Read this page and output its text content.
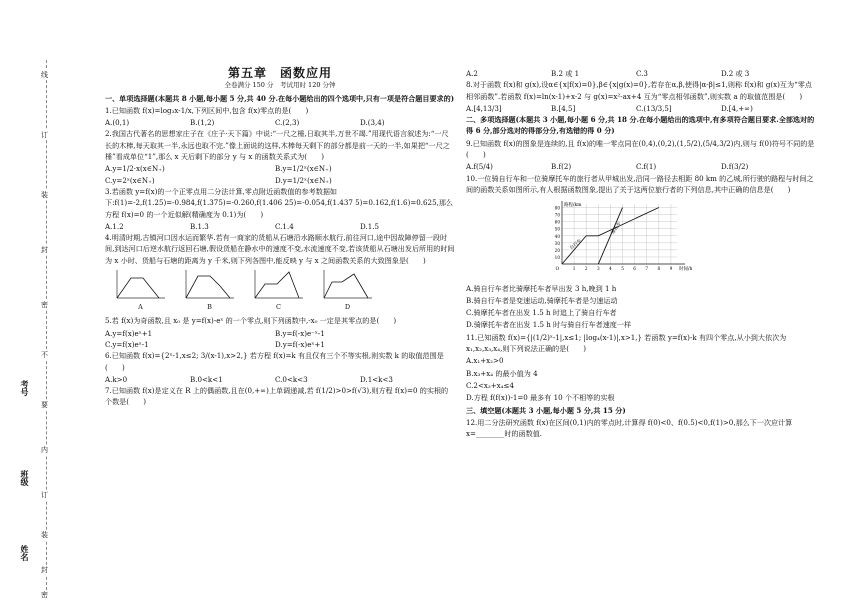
线
订
装
封
密
不
要
内
订
装
封
密
考号
班级
姓名

第五章　函数应用

全卷满分 150 分　考试用时 120 分钟

一、单项选择题(本题共 8 小题,每小题 5 分,共 40 分.在每小题给出的四个选项中,只有一项是符合题目要求的)

1.已知函数 f(x)=log₃x-1/x,下列区间中,包含 f(x)零点的是(　　)

A.(0,1)	B.(1,2)	C.(2,3)	D.(3,4)

2.我国古代著名的思想家庄子在《庄子·天下篇》中说:“一尺之棰,日取其半,万世不竭.”用现代语言叙述为:“一尺长的木棒,每天取其一半,永远也取不完.”像上面说的这样,木棒每天剩下的部分都是前一天的一半,如果把“一尺之棰”看成单位“1”,那么 x 天后剩下的部分 y 与 x 的函数关系式为(　　)

A.y=1/2·x(x∈N₊)	B.y=1/2ˣ(x∈N₊)
C.y=2ˣ(x∈N₊)	D.y=1/2ˣ(x∈N₊)

3.若函数 y=f(x)的一个正零点用二分法计算,零点附近函数值的参考数据如下:f(1)=-2,f(1.25)=-0.984,f(1.375)=-0.260,f(1.406 25)=-0.054,f(1.437 5)=0.162,f(1.6)=0.625,那么方程 f(x)=0 的一个近似解(精确度为 0.1)为(　　)

A.1.2	B.1.3	C.1.4	D.1.5

4.明清时期,古镇河口因水运而繁华.若有一商家的货船从石塘沿水路顺水航行,前往河口,途中因故障停留一段时间,到达河口后逆水航行返回石塘,假设货船在静水中的速度不变,水流速度不变,若该货船从石塘出发后所用的时间为 x 小时、货船与石塘的距离为 y 千米,则下列各图中,能反映 y 与 x 之间函数关系的大致图象是(　　)

A	B	C	D

5.若 f(x)为奇函数,且 x₀ 是 y=f(x)-eˣ 的一个零点,则下列函数中,-x₀ 一定是其零点的是(　　)

A.y=f(x)eˣ+1	B.y=f(-x)e⁻ˣ-1
C.y=f(x)eˣ-1	D.y=f(-x)eˣ+1

6.已知函数 f(x)={2ˣ-1,x≤2; 3/(x-1),x>2,} 若方程 f(x)=k 有且仅有三个不等实根,则实数 k 的取值范围是(　　)

A.k>0	B.0<k<1	C.0<k<3	D.1<k<3

7.已知函数 f(x)是定义在 R 上的偶函数,且在(0,+∞)上单调递减,若 f(1/2)>0>f(√3),则方程 f(x)=0 的实根的个数是(　　)

A.2	B.2 或 1	C.3	D.2 或 3

8.对于函数 f(x)和 g(x),设α∈{x|f(x)=0},β∈{x|g(x)=0},若存在α,β,使得|α-β|≤1,则称 f(x)和 g(x)互为“零点相邻函数”.若函数 f(x)=ln(x-1)+x-2 与 g(x)=x²-ax+4 互为“零点相邻函数”,则实数 a 的取值范围是(　　)

A.[4,13/3]	B.[4,5]	C.(13/3,5]	D.[4,+∞)

二、多项选择题(本题共 3 小题,每小题 6 分,共 18 分.在每小题给出的选项中,有多项符合题目要求.全部选对的得 6 分,部分选对的得部分分,有选错的得 0 分)

9.已知函数 f(x)的图象是连续的,且 f(x)的唯一零点同在(0,4),(0,2),(1,5/2),(5/4,3/2)内,则与 f(0)符号不同的是(　　)

A.f(5/4)	B.f(2)	C.f(1)	D.f(3/2)

10.一位骑自行车和一位骑摩托车的旅行者从甲城出发,沿同一路径去相距 80 km 的乙城,所行驶的路程与时间之间的函数关系如图所示,有人根据函数图象,提出了关于这两位旅行者的下列信息,其中正确的信息是(　　)

10
20
30
40
50
60
70
80
1 2 3 4 5 6 7 8 9
O
路程/km
时间/h
自行车
摩托车

A.骑自行车者比骑摩托车者早出发 3 h,晚到 1 h

B.骑自行车者是变速运动,骑摩托车者是匀速运动

C.骑摩托车者在出发 1.5 h 时追上了骑自行车者

D.骑摩托车者在出发 1.5 h 时与骑自行车者速度一样

11.已知函数 f(x)={|(1/2)ˣ-1|,x≤1; |log₄(x-1)|,x>1,} 若函数 y=f(x)-k 有四个零点,从小到大依次为 x₁,x₂,x₃,x₄,则下列说法正确的是(　　)

A.x₁+x₂>0

B.x₃+x₄ 的最小值为 4

C.2<x₃+x₄≤4

D.方程 f(f(x))-1=0 最多有 10 个不相等的实根

三、填空题(本题共 3 小题,每小题 5 分,共 15 分)

12.用二分法研究函数 f(x)在区间(0,1)内的零点时,计算得 f(0)<0、f(0.5)<0,f(1)>0,那么下一次应计算 x=________时的函数值.
